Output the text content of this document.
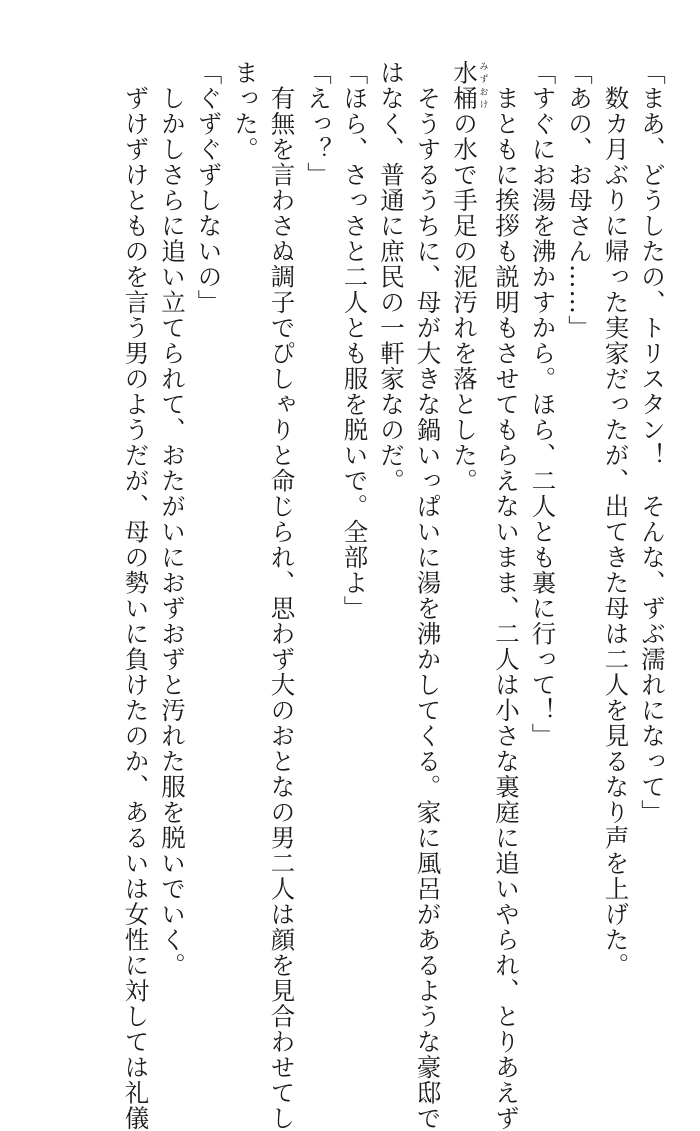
「まあ、どうしたの、トリスタン！　そんな、ずぶ濡れになって」
　数カ月ぶりに帰った実家だったが、出てきた母は二人を見るなり声を上げた。
「あの、お母さん……」
「すぐにお湯を沸かすから。ほら、二人とも裏に行って！」
　まともに挨拶も説明もさせてもらえないまま、二人は小さな裏庭に追いやられ、とりあえず
水桶みずおけの水で手足の泥汚れを落とした。
　そうするうちに、母が大きな鍋いっぱいに湯を沸かしてくる。家に風呂があるような豪邸で
はなく、普通に庶民の一軒家なのだ。
「ほら、さっさと二人とも服を脱いで。全部よ」
「えっ？」
　有無を言わさぬ調子でぴしゃりと命じられ、思わず大のおとなの男二人は顔を見合わせてし
まった。
「ぐずぐずしないの」
　しかしさらに追い立てられて、おたがいにおずおずと汚れた服を脱いでいく。
　ずけずけとものを言う男のようだが、母の勢いに負けたのか、あるいは女性に対しては礼儀
